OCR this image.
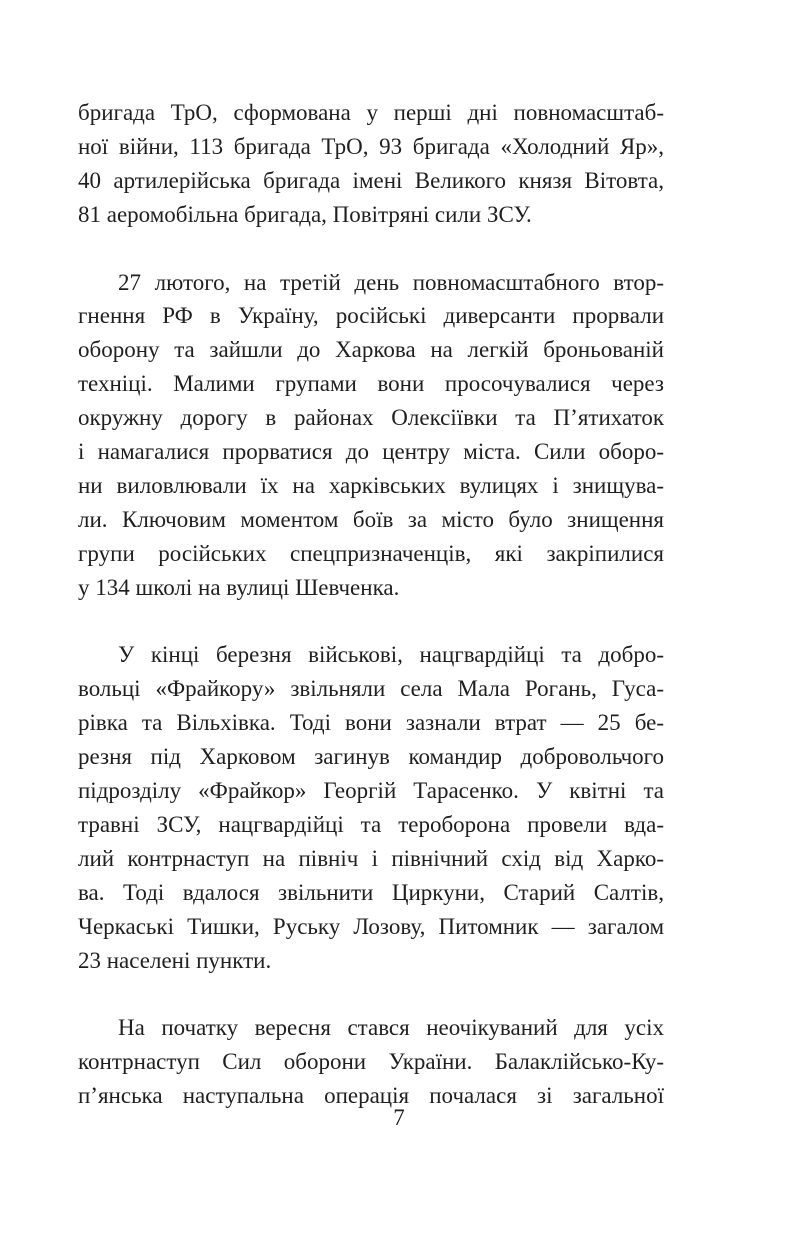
бригада ТрО, сформована у перші дні повномасштаб-
ної війни, 113 бригада ТрО, 93 бригада «Холодний Яр»,
40 артилерійська бригада імені Великого князя Вітовта,
81 аеромобільна бригада, Повітряні сили ЗСУ.
27 лютого, на третій день повномасштабного втор-
гнення РФ в Україну, російські диверсанти прорвали
оборону та зайшли до Харкова на легкій броньованій
техніці. Малими групами вони просочувалися через
окружну дорогу в районах Олексіївки та П’ятихаток
і намагалися прорватися до центру міста. Сили оборо-
ни виловлювали їх на харківських вулицях і знищува-
ли. Ключовим моментом боїв за місто було знищення
групи російських спецпризначенців, які закріпилися
у 134 школі на вулиці Шевченка.
У кінці березня військові, нацгвардійці та добро-
вольці «Фрайкору» звільняли села Мала Рогань, Гуса-
рівка та Вільхівка. Тоді вони зазнали втрат — 25 бе-
резня під Харковом загинув командир добровольчого
підрозділу «Фрайкор» Георгій Тарасенко. У квітні та
травні ЗСУ, нацгвардійці та тероборона провели вда-
лий контрнаступ на північ і північний схід від Харко-
ва. Тоді вдалося звільнити Циркуни, Старий Салтів,
Черкаські Тишки, Руську Лозову, Питомник — загалом
23 населені пункти.
На початку вересня стався неочікуваний для усіх
контрнаступ Сил оборони України. Балаклійсько-Ку-
п’янська наступальна операція почалася зі загальної
7
